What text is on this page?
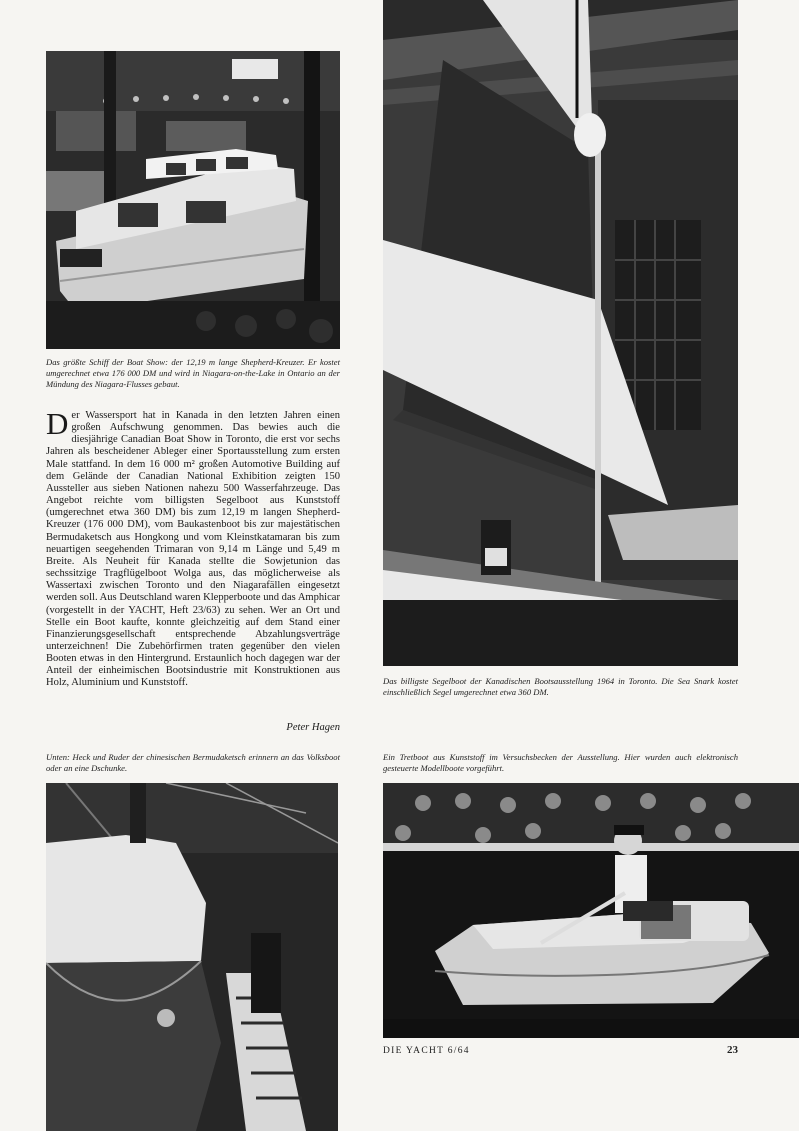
Das größte Schiff der Boat Show: der 12,19 m lange Shepherd-Kreuzer. Er kostet umgerechnet etwa 176 000 DM und wird in Niagara-on-the-Lake in Ontario an der Mündung des Niagara-Flusses gebaut.

Der Wassersport hat in Kanada in den letzten Jahren einen großen Aufschwung genommen. Das bewies auch die diesjährige Canadian Boat Show in Toronto, die erst vor sechs Jahren als bescheidener Ableger einer Sportausstellung zum ersten Male stattfand. In dem 16 000 m² großen Automotive Building auf dem Gelände der Canadian National Exhibition zeigten 150 Aussteller aus sieben Nationen nahezu 500 Wasserfahrzeuge. Das Angebot reichte vom billigsten Segelboot aus Kunststoff (umgerechnet etwa 360 DM) bis zum 12,19 m langen Shepherd-Kreuzer (176 000 DM), vom Baukastenboot bis zur majestätischen Bermudaketsch aus Hongkong und vom Kleinstkatamaran bis zum neuartigen seegehenden Trimaran von 9,14 m Länge und 5,49 m Breite. Als Neuheit für Kanada stellte die Sowjetunion das sechssitzige Tragflügelboot Wolga aus, das möglicherweise als Wassertaxi zwischen Toronto und den Niagarafällen eingesetzt werden soll. Aus Deutschland waren Klepperboote und das Amphicar (vorgestellt in der YACHT, Heft 23/63) zu sehen. Wer an Ort und Stelle ein Boot kaufte, konnte gleichzeitig auf dem Stand einer Finanzierungsgesellschaft entsprechende Abzahlungsverträge unterzeichnen! Die Zubehörfirmen traten gegenüber den vielen Booten etwas in den Hintergrund. Erstaunlich hoch dagegen war der Anteil der einheimischen Bootsindustrie mit Konstruktionen aus Holz, Aluminium und Kunststoff.

Peter Hagen

Das billigste Segelboot der Kanadischen Bootsausstellung 1964 in Toronto. Die Sea Snark kostet einschließlich Segel umgerechnet etwa 360 DM.

Unten: Heck und Ruder der chinesischen Bermudaketsch erinnern an das Volksboot oder an eine Dschunke.

Ein Tretboot aus Kunststoff im Versuchsbecken der Ausstellung. Hier wurden auch elektronisch gesteuerte Modellboote vorgeführt.

DIE YACHT 6/64	23
